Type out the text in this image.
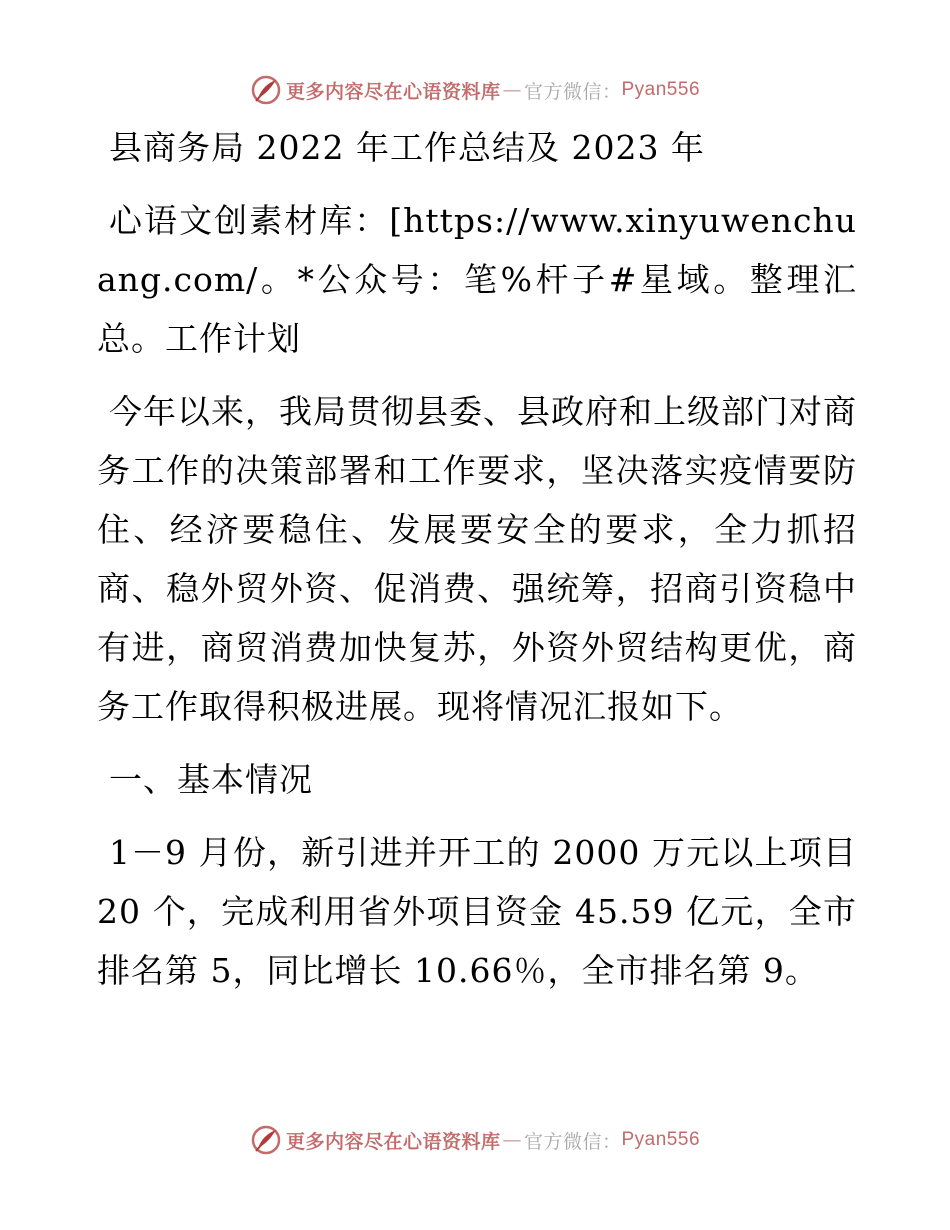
更多内容尽在心语资料库 — 官方微信： Pyan556

县商务局 2022 年工作总结及 2023 年

心语文创素材库：[https://www.xinyuwenchuang.com/。*公众号：笔%杆子#星域。整理汇总。工作计划

今年以来，我局贯彻县委、县政府和上级部门对商务工作的决策部署和工作要求，坚决落实疫情要防住、经济要稳住、发展要安全的要求，全力抓招商、稳外贸外资、促消费、强统筹，招商引资稳中有进，商贸消费加快复苏，外资外贸结构更优，商务工作取得积极进展。现将情况汇报如下。

一、基本情况

1－9 月份，新引进并开工的 2000 万元以上项目 20 个，完成利用省外项目资金 45.59 亿元，全市排名第 5，同比增长 10.66％，全市排名第 9。

更多内容尽在心语资料库 — 官方微信： Pyan556
